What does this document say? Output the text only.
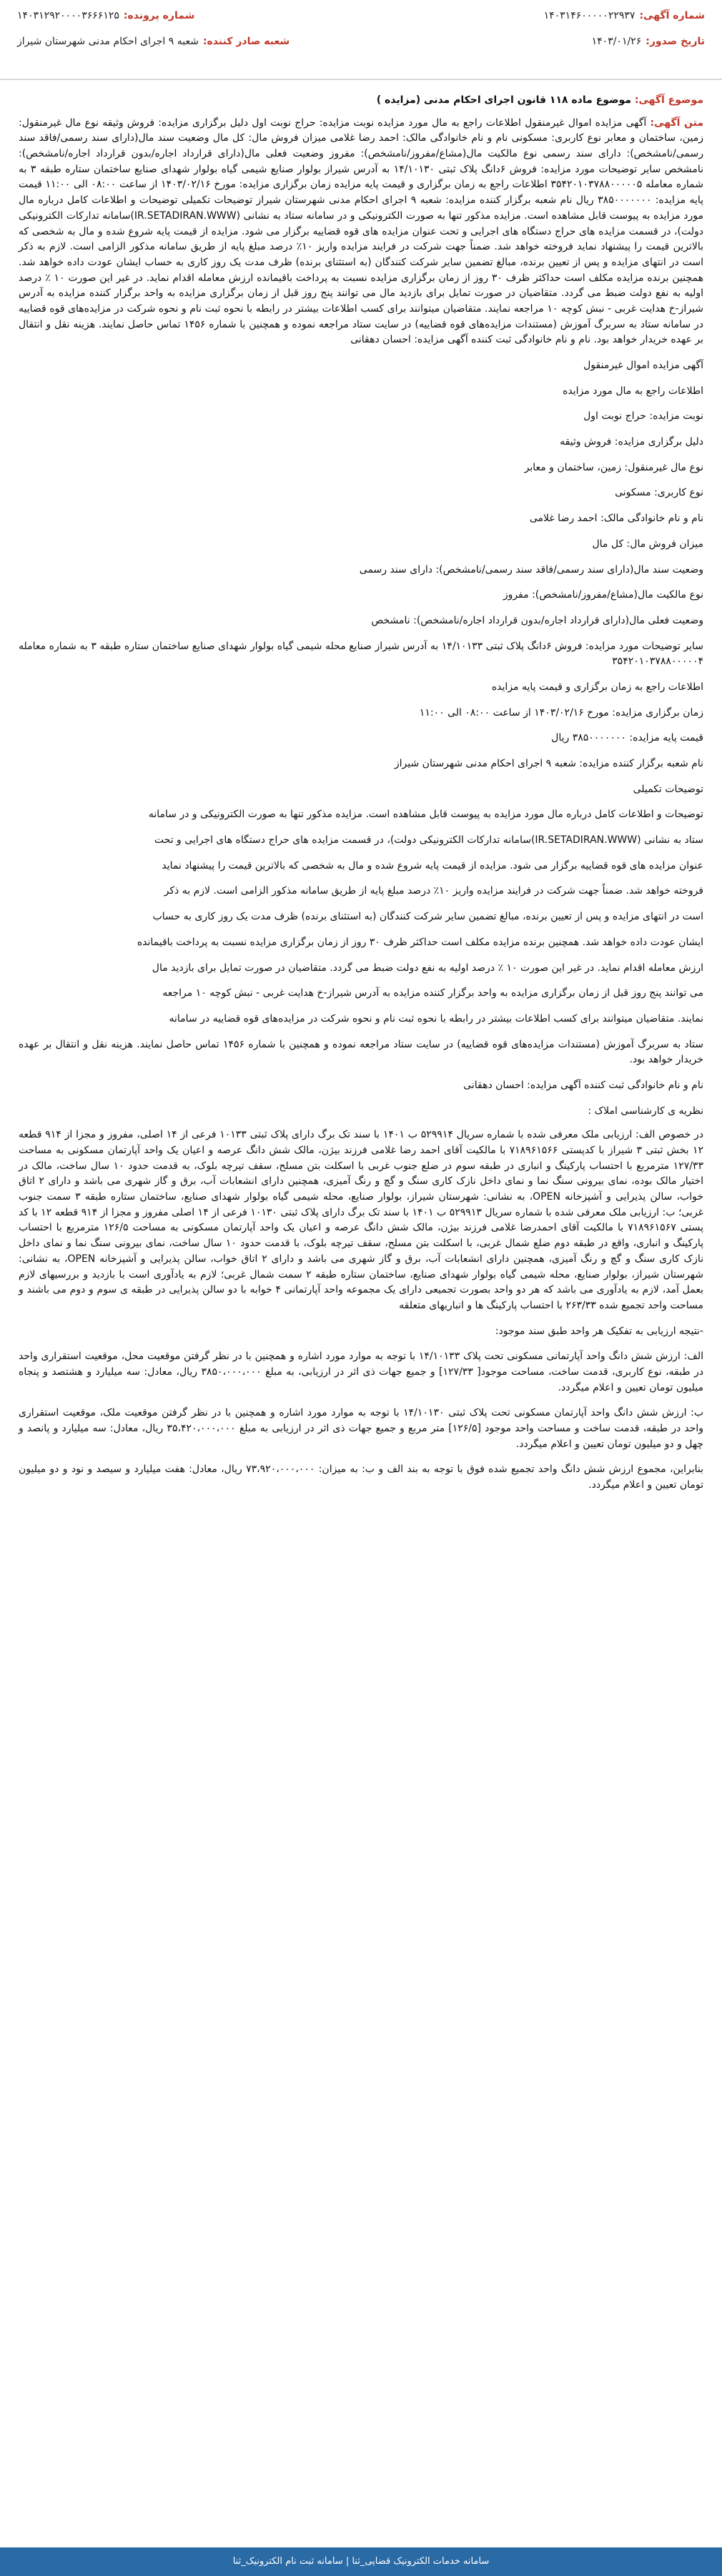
شماره آگهی:
۱۴۰۳۱۴۶۰۰۰۰۰۲۲۹۳۷
شماره پرونده:
۱۴۰۳۱۲۹۲۰۰۰۰۳۶۶۶۱۲۵
تاریخ صدور:
۱۴۰۳/۰۱/۲۶
شعبه صادر کننده:
شعبه ۹ اجرای احکام مدنی شهرستان شیراز
موضوع آگهی: موضوع ماده ۱۱۸ قانون اجرای احکام مدنی (مزایده )

متن آگهی: آگهی مزایده اموال غیرمنقول اطلاعات راجع به مال مورد مزایده نوبت مزایده: حراج نوبت اول دلیل برگزاری مزایده: فروش وثیقه نوع مال غیرمنقول: زمین، ساختمان و معابر نوع کاربری: مسکونی نام و نام خانوادگی مالک: احمد رضا غلامی میزان فروش مال: کل مال وضعیت سند مال(دارای سند رسمی/فاقد سند رسمی/نامشخص): دارای سند رسمی نوع مالکیت مال(مشاع/مفروز/نامشخص): مفروز وضعیت فعلی مال(دارای قرارداد اجاره/بدون قرارداد اجاره/نامشخص): نامشخص سایر توضیحات مورد مزایده: فروش ۶دانگ پلاک ثبتی ۱۴/۱۰۱۳۰ به آدرس شیراز بولوار صنایع شیمی گیاه بولوار شهدای صنایع ساختمان ستاره طبقه ۳ به شماره معامله ۳۵۴۲۰۱۰۳۷۸۸۰۰۰۰۰۵ اطلاعات راجع به زمان برگزاری و قیمت پایه مزایده زمان برگزاری مزایده: مورخ ۱۴۰۳/۰۲/۱۶ از ساعت ۰۸:۰۰ الی ۱۱:۰۰ قیمت پایه مزایده: ۳۸۵۰۰۰۰۰۰۰ ریال نام شعبه برگزار کننده مزایده: شعبه ۹ اجرای احکام مدنی شهرستان شیراز توضیحات تکمیلی توضیحات و اطلاعات کامل درباره مال مورد مزایده به پیوست قابل مشاهده است. مزایده مذکور تنها به صورت الکترونیکی و در سامانه ستاد به نشانی (IR.SETADIRAN.WWW)سامانه تدارکات الکترونیکی دولت)، در قسمت مزایده های حراج دستگاه های اجرایی و تحت عنوان مزایده های قوه قضاییه برگزار می شود. مزایده از قیمت پایه شروع شده و مال به شخصی که بالاترین قیمت را پیشنهاد نماید فروخته خواهد شد. ضمناً جهت شرکت در فرایند مزایده واریز ۱۰٪ درصد مبلغ پایه از طریق سامانه مذکور الزامی است. لازم به ذکر است در انتهای مزایده و پس از تعیین برنده، مبالغ تضمین سایر شرکت کنندگان (به استثنای برنده) ظرف مدت یک روز کاری به حساب ایشان عودت داده خواهد شد. همچنین برنده مزایده مکلف است حداکثر ظرف ۳۰ روز از زمان برگزاری مزایده نسبت به پرداخت باقیمانده ارزش معامله اقدام نماید. در غیر این صورت ۱۰ ٪ درصد اولیه به نفع دولت ضبط می گردد. متقاضیان در صورت تمایل برای بازدید مال می توانند پنج روز قبل از زمان برگزاری مزایده به واحد برگزار کننده مزایده به آدرس شیراز-خ هدایت غربی - نبش کوچه ۱۰ مراجعه نمایند. متقاضیان میتوانند برای کسب اطلاعات بیشتر در رابطه با نحوه ثبت نام و نحوه شرکت در مزایده‌های قوه قضاییه در سامانه ستاد به سربرگ آموزش (مستندات مزایده‌های قوه قضاییه) در سایت ستاد مراجعه نموده و همچنین با شماره ۱۴۵۶ تماس حاصل نمایند. هزینه نقل و انتقال بر عهده خریدار خواهد بود. نام و نام خانوادگی ثبت کننده آگهی مزایده: احسان دهقانی

آگهی مزایده اموال غیرمنقول

اطلاعات راجع به مال مورد مزایده

نوبت مزایده: حراج نوبت اول

دلیل برگزاری مزایده: فروش وثیقه

نوع مال غیرمنقول: زمین، ساختمان و معابر

نوع کاربری: مسکونی

نام و نام خانوادگی مالک: احمد رضا غلامی

میزان فروش مال: کل مال

وضعیت سند مال(دارای سند رسمی/فاقد سند رسمی/نامشخص): دارای سند رسمی

نوع مالکیت مال(مشاع/مفروز/نامشخص): مفروز

وضعیت فعلی مال(دارای قرارداد اجاره/بدون قرارداد اجاره/نامشخص): نامشخص

سایر توضیحات مورد مزایده: فروش ۶دانگ پلاک ثبتی ۱۴/۱۰۱۳۳ به آدرس شیراز صنایع محله شیمی گیاه بولوار شهدای صنایع ساختمان ستاره طبقه ۳ به شماره معامله ۳۵۴۲۰۱۰۳۷۸۸۰۰۰۰۰۴

اطلاعات راجع به زمان برگزاری و قیمت پایه مزایده

زمان برگزاری مزایده: مورخ ۱۴۰۳/۰۲/۱۶ از ساعت ۰۸:۰۰ الی ۱۱:۰۰

قیمت پایه مزایده: ۳۸۵۰۰۰۰۰۰۰ ریال

نام شعبه برگزار کننده مزایده: شعبه ۹ اجرای احکام مدنی شهرستان شیراز

توضیحات تکمیلی

توضیحات و اطلاعات کامل درباره مال مورد مزایده به پیوست قابل مشاهده است. مزایده مذکور تنها به صورت الکترونیکی و در سامانه

ستاد به نشانی (IR.SETADIRAN.WWW)سامانه تدارکات الکترونیکی دولت)، در قسمت مزایده های حراج دستگاه های اجرایی و تحت

عنوان مزایده های قوه قضاییه برگزار می شود. مزایده از قیمت پایه شروع شده و مال به شخصی که بالاترین قیمت را پیشنهاد نماید

فروخته خواهد شد. ضمناً جهت شرکت در فرایند مزایده واریز ۱۰٪ درصد مبلغ پایه از طریق سامانه مذکور الزامی است. لازم به ذکر

است در انتهای مزایده و پس از تعیین برنده، مبالغ تضمین سایر شرکت کنندگان (به استثنای برنده) ظرف مدت یک روز کاری به حساب

ایشان عودت داده خواهد شد. همچنین برنده مزایده مکلف است حداکثر ظرف ۳۰ روز از زمان برگزاری مزایده نسبت به پرداخت باقیمانده

ارزش معامله اقدام نماید. در غیر این صورت ۱۰ ٪ درصد اولیه به نفع دولت ضبط می گردد. متقاضیان در صورت تمایل برای بازدید مال

می توانند پنج روز قبل از زمان برگزاری مزایده به واحد برگزار کننده مزایده به آدرس شیراز-خ هدایت غربی - نبش کوچه ۱۰ مراجعه

نمایند. متقاضیان میتوانند برای کسب اطلاعات بیشتر در رابطه با نحوه ثبت نام و نحوه شرکت در مزایده‌های قوه قضاییه در سامانه

ستاد به سربرگ آموزش (مستندات مزایده‌های قوه قضاییه) در سایت ستاد مراجعه نموده و همچنین با شماره ۱۴۵۶ تماس حاصل نمایند. هزینه نقل و انتقال بر عهده خریدار خواهد بود.

نام و نام خانوادگی ثبت کننده آگهی مزایده: احسان دهقانی

نظریه ی کارشناسی املاک :

در خصوص الف: ارزیابی ملک معرفی شده با شماره سریال ۵۲۹۹۱۴ ب ۱۴۰۱ با سند تک برگ دارای پلاک ثبتی ۱۰۱۳۳ فرعی از ۱۴ اصلی، مفروز و مجزا از ۹۱۴ قطعه ۱۲ بخش ثبتی ۳ شیراز با کدپستی ۷۱۸۹۶۱۵۶۶ با مالکیت آقای احمد رضا غلامی فرزند بیژن، مالک شش دانگ عرصه و اعیان یک واحد آپارتمان مسکونی به مساحت ۱۲۷/۳۳ مترمربع با احتساب پارکینگ و انباری در طبقه سوم در ضلع جنوب غربی با اسکلت بتن مسلح، سقف تیرچه بلوک، به قدمت حدود ۱۰ سال ساخت، مالک در اختیار مالک بوده، نمای بیرونی سنگ نما و نمای داخل نازک کاری سنگ و گچ و رنگ آمیزی، همچنین دارای انشعابات آب، برق و گاز شهری می باشد و دارای ۲ اتاق خواب، سالن پذیرایی و آشپزخانه OPEN، به نشانی: شهرستان شیراز، بولوار صنایع، محله شیمی گیاه بولوار شهدای صنایع، ساختمان ستاره طبقه ۳ سمت جنوب غربی؛ ب: ارزیابی ملک معرفی شده با شماره سریال ۵۲۹۹۱۳ ب ۱۴۰۱ با سند تک برگ دارای پلاک ثبتی ۱۰۱۳۰ فرعی از ۱۴ اصلی مفروز و مجزا از ۹۱۴ قطعه ۱۲ با کد پستی ۷۱۸۹۶۱۵۶۷ با مالکیت آقای احمدرضا غلامی فرزند بیژن، مالک شش دانگ عرصه و اعیان یک واحد آپارتمان مسکونی به مساحت ۱۲۶/۵ مترمربع با احتساب پارکینگ و انباری، واقع در طبقه دوم ضلع شمال غربی، با اسکلت بتن مسلح، سقف تیرچه بلوک، با قدمت حدود ۱۰ سال ساخت، نمای بیرونی سنگ نما و نمای داخل نازک کاری سنگ و گچ و رنگ آمیزی، همچنین دارای انشعابات آب، برق و گاز شهری می باشد و دارای ۲ اتاق خواب، سالن پذیرایی و آشپزخانه OPEN، به نشانی: شهرستان شیراز، بولوار صنایع، محله شیمی گیاه بولوار شهدای صنایع، ساختمان ستاره طبقه ۲ سمت شمال غربی؛ لازم به یادآوری است با بازدید و بررسیهای لازم بعمل آمد، لازم به یادآوری می باشد که هر دو واحد بصورت تجمیعی دارای یک مجموعه واحد آپارتمانی ۴ خوابه با دو سالن پذیرایی در طبقه ی سوم و دوم می باشند و مساحت واحد تجمیع شده ۲۶۳/۳۳ با احتساب پارکینگ ها و انباریهای متعلقه

-نتیجه ارزیابی به تفکیک هر واحد طبق سند موجود:

الف: ارزش شش دانگ واحد آپارتمانی مسکونی تحت پلاک ۱۴/۱۰۱۳۳ با توجه به موارد مورد اشاره و همچنین با در نظر گرفتن موقعیت محل، موقعیت استقراری واحد در طبقه، نوع کاربری، قدمت ساخت، مساحت موجود[ ۱۲۷/۳۳] و جمیع جهات ذی اثر در ارزیابی، به مبلغ ۳۸۵۰،۰۰۰،۰۰۰ ریال، معادل: سه میلیارد و هشتصد و پنجاه میلیون تومان تعیین و اعلام میگردد.

ب: ارزش شش دانگ واحد آپارتمان مسکونی تحت پلاک ثبتی ۱۴/۱۰۱۳۰ با توجه به موارد مورد اشاره و همچنین با در نظر گرفتن موقعیت ملک، موقعیت استقراری واحد در طبقه، قدمت ساخت و مساحت واحد موجود [۱۲۶/۵] متر مربع و جمیع جهات ذی اثر در ارزیابی به مبلغ ۳۵،۴۲۰،۰۰۰،۰۰۰ ریال، معادل: سه میلیارد و پانصد و چهل و دو میلیون تومان تعیین و اعلام میگردد.

بنابراین، مجموع ارزش شش دانگ واحد تجمیع شده فوق با توجه به بند الف و ب: به میزان: ۷۳،۹۲۰،۰۰۰،۰۰۰ ریال، معادل: هفت میلیارد و سیصد و نود و دو میلیون تومان تعیین و اعلام میگردد.

سامانه خدمات الکترونیک قضایی_ثنا | سامانه ثبت نام الکترونیک_ثنا
